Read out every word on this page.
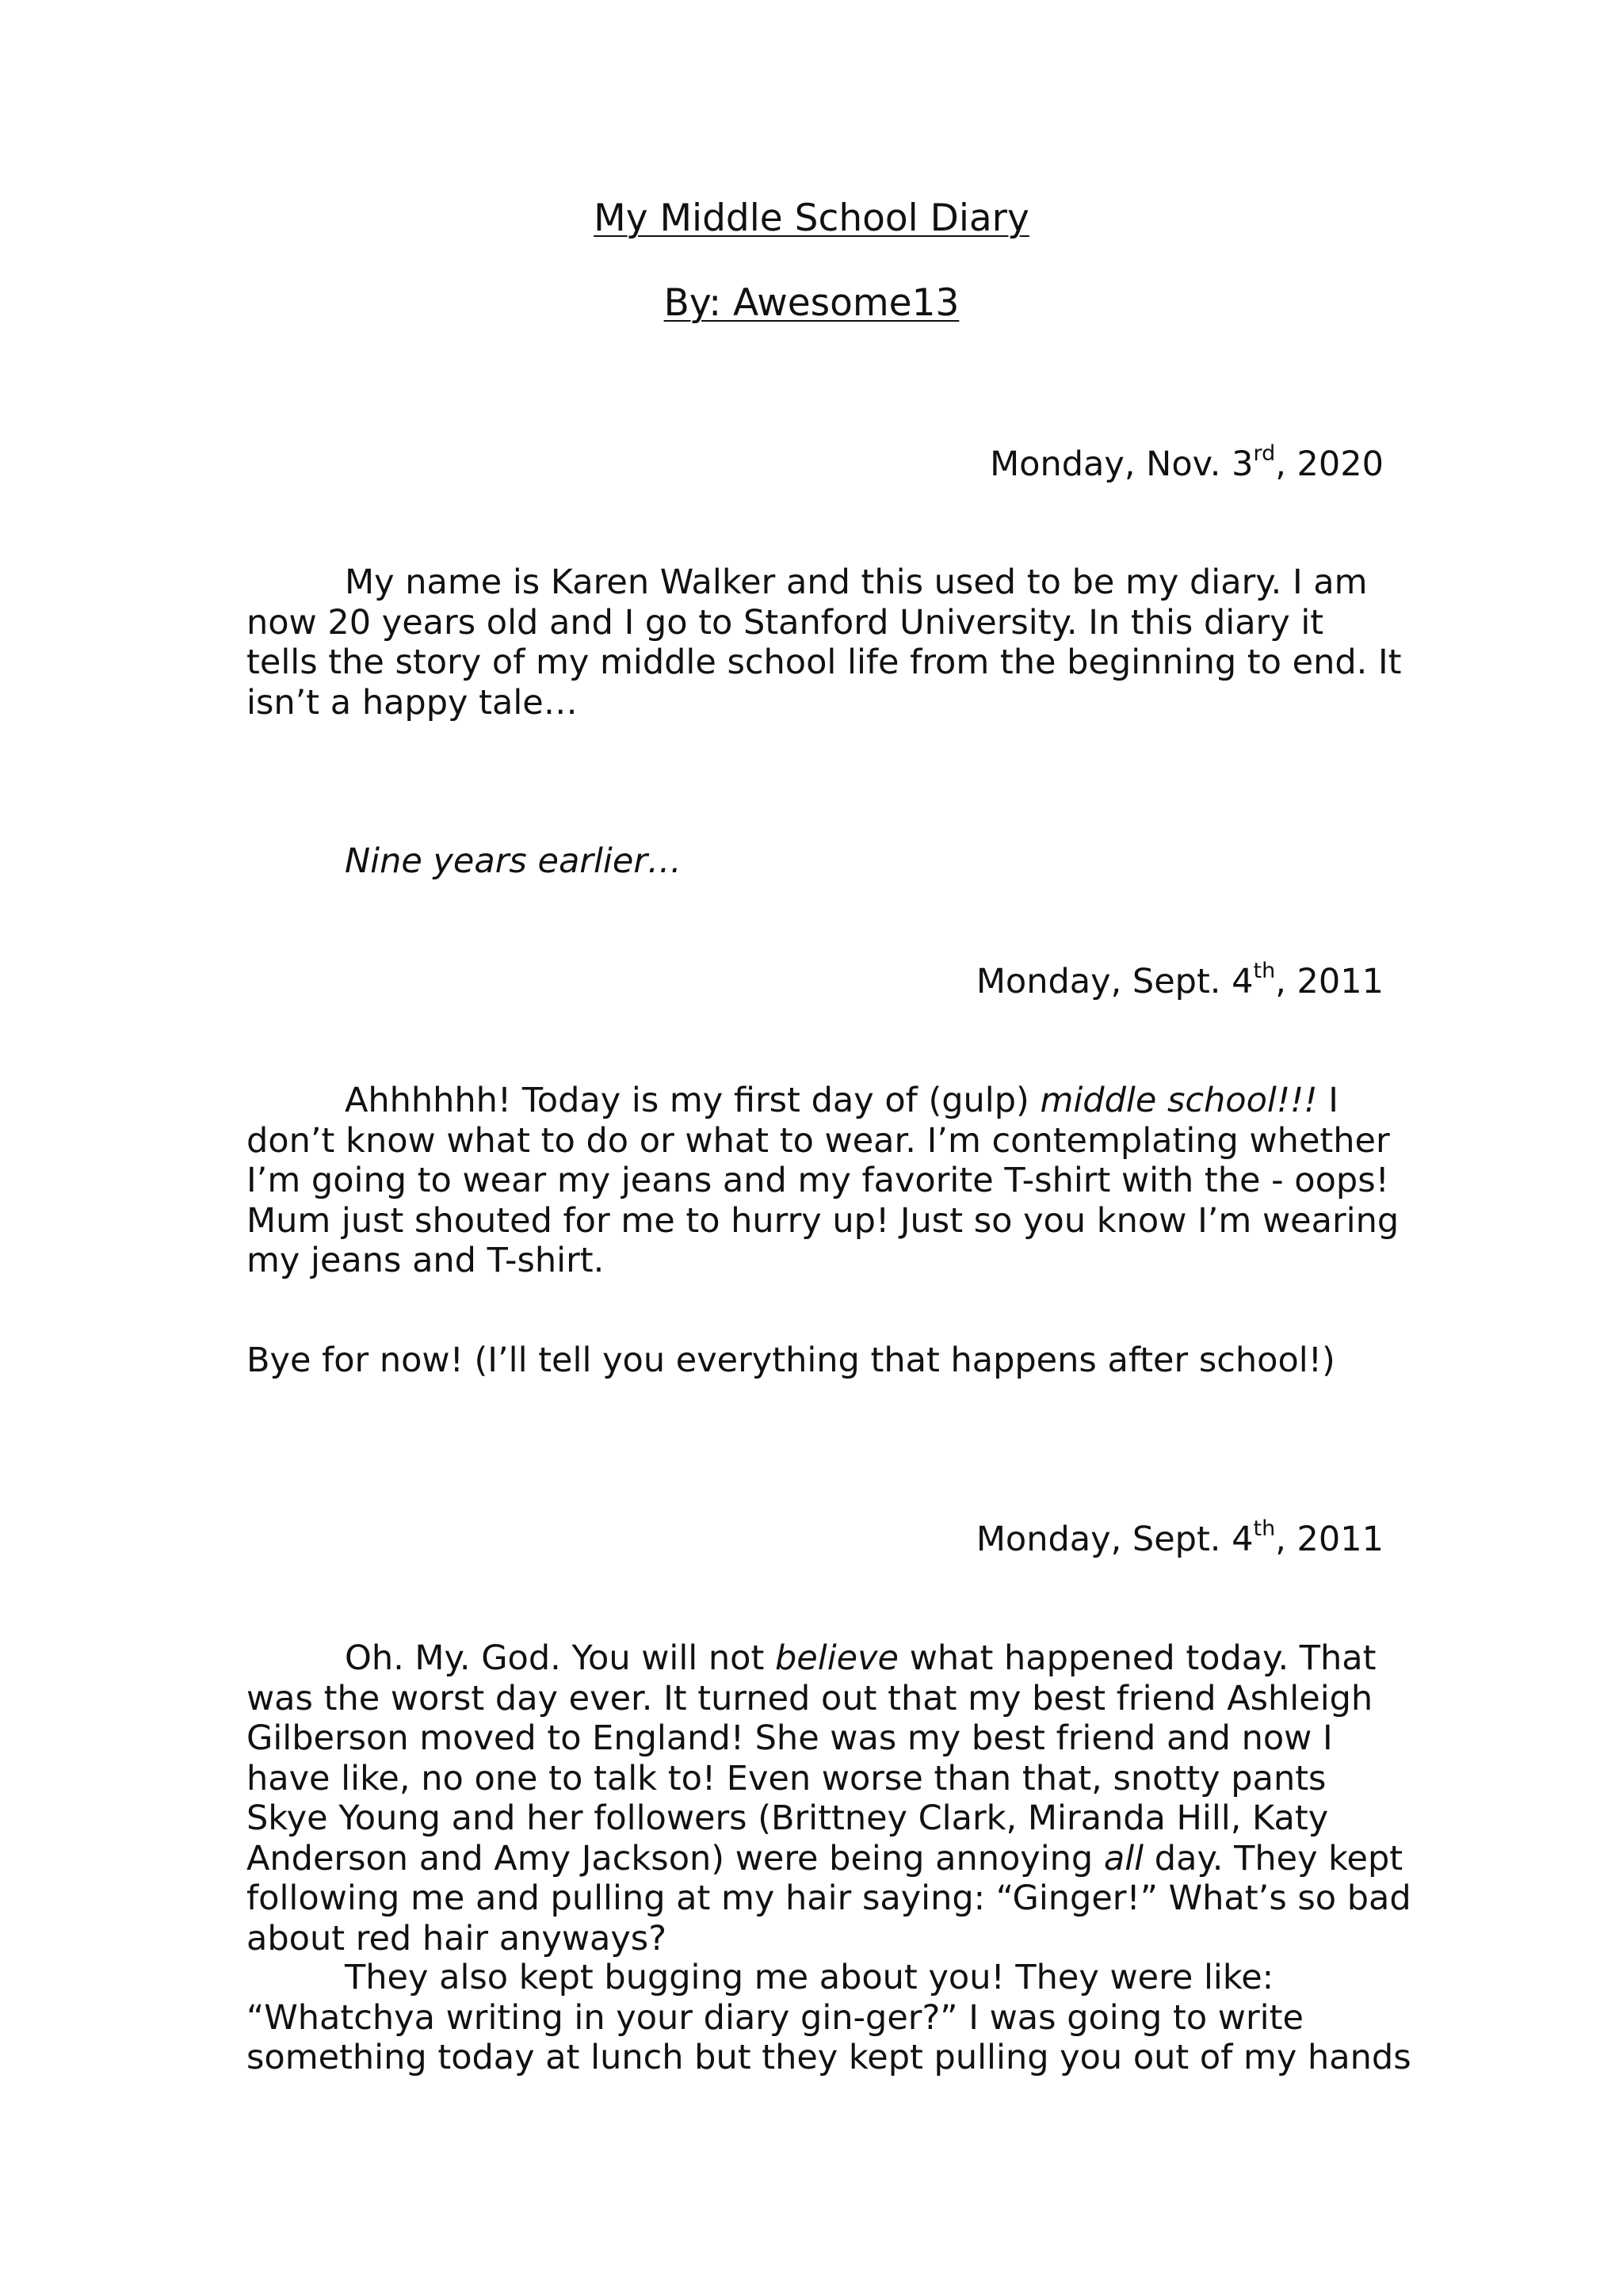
My Middle School Diary
By: Awesome13
Monday, Nov. 3rd, 2020

My name is Karen Walker and this used to be my diary. I am
now 20 years old and I go to Stanford University. In this diary it
tells the story of my middle school life from the beginning to end. It
isn’t a happy tale…

Nine years earlier…

Monday, Sept. 4th, 2011

Ahhhhhh! Today is my first day of (gulp) middle school!!! I
don’t know what to do or what to wear. I’m contemplating whether
I’m going to wear my jeans and my favorite T-shirt with the - oops!
Mum just shouted for me to hurry up! Just so you know I’m wearing
my jeans and T-shirt.

Bye for now! (I’ll tell you everything that happens after school!)

Monday, Sept. 4th, 2011

Oh. My. God. You will not believe what happened today. That
was the worst day ever. It turned out that my best friend Ashleigh
Gilberson moved to England! She was my best friend and now I
have like, no one to talk to! Even worse than that, snotty pants
Skye Young and her followers (Brittney Clark, Miranda Hill, Katy
Anderson and Amy Jackson) were being annoying all day. They kept
following me and pulling at my hair saying: “Ginger!” What’s so bad
about red hair anyways?

They also kept bugging me about you! They were like:
“Whatchya writing in your diary gin-ger?” I was going to write
something today at lunch but they kept pulling you out of my hands
